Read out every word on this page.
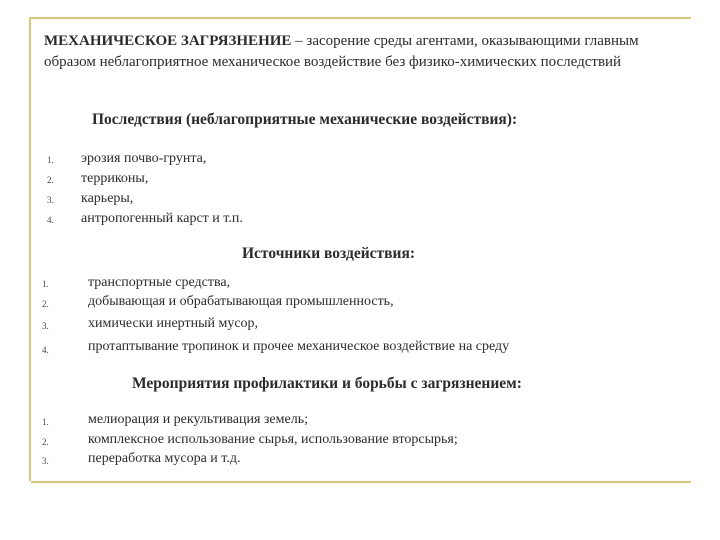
МЕХАНИЧЕСКОЕ ЗАГРЯЗНЕНИЕ – засорение среды агентами, оказывающими главным образом неблагоприятное механическое воздействие без физико-химических последствий
Последствия (неблагоприятные механические воздействия):
1. эрозия почво-грунта,
2. терриконы,
3. карьеры,
4. антропогенный карст и т.п.
Источники воздействия:
1.	транспортные средства,
2.	добывающая и обрабатывающая промышленность,
3.	химически инертный мусор,
4.	протаптывание тропинок и прочее механическое воздействие на среду
Мероприятия профилактики и борьбы с загрязнением:
1.	мелиорация и рекультивация земель;
2.	комплексное использование сырья, использование вторсырья;
3.	переработка мусора и т.д.
